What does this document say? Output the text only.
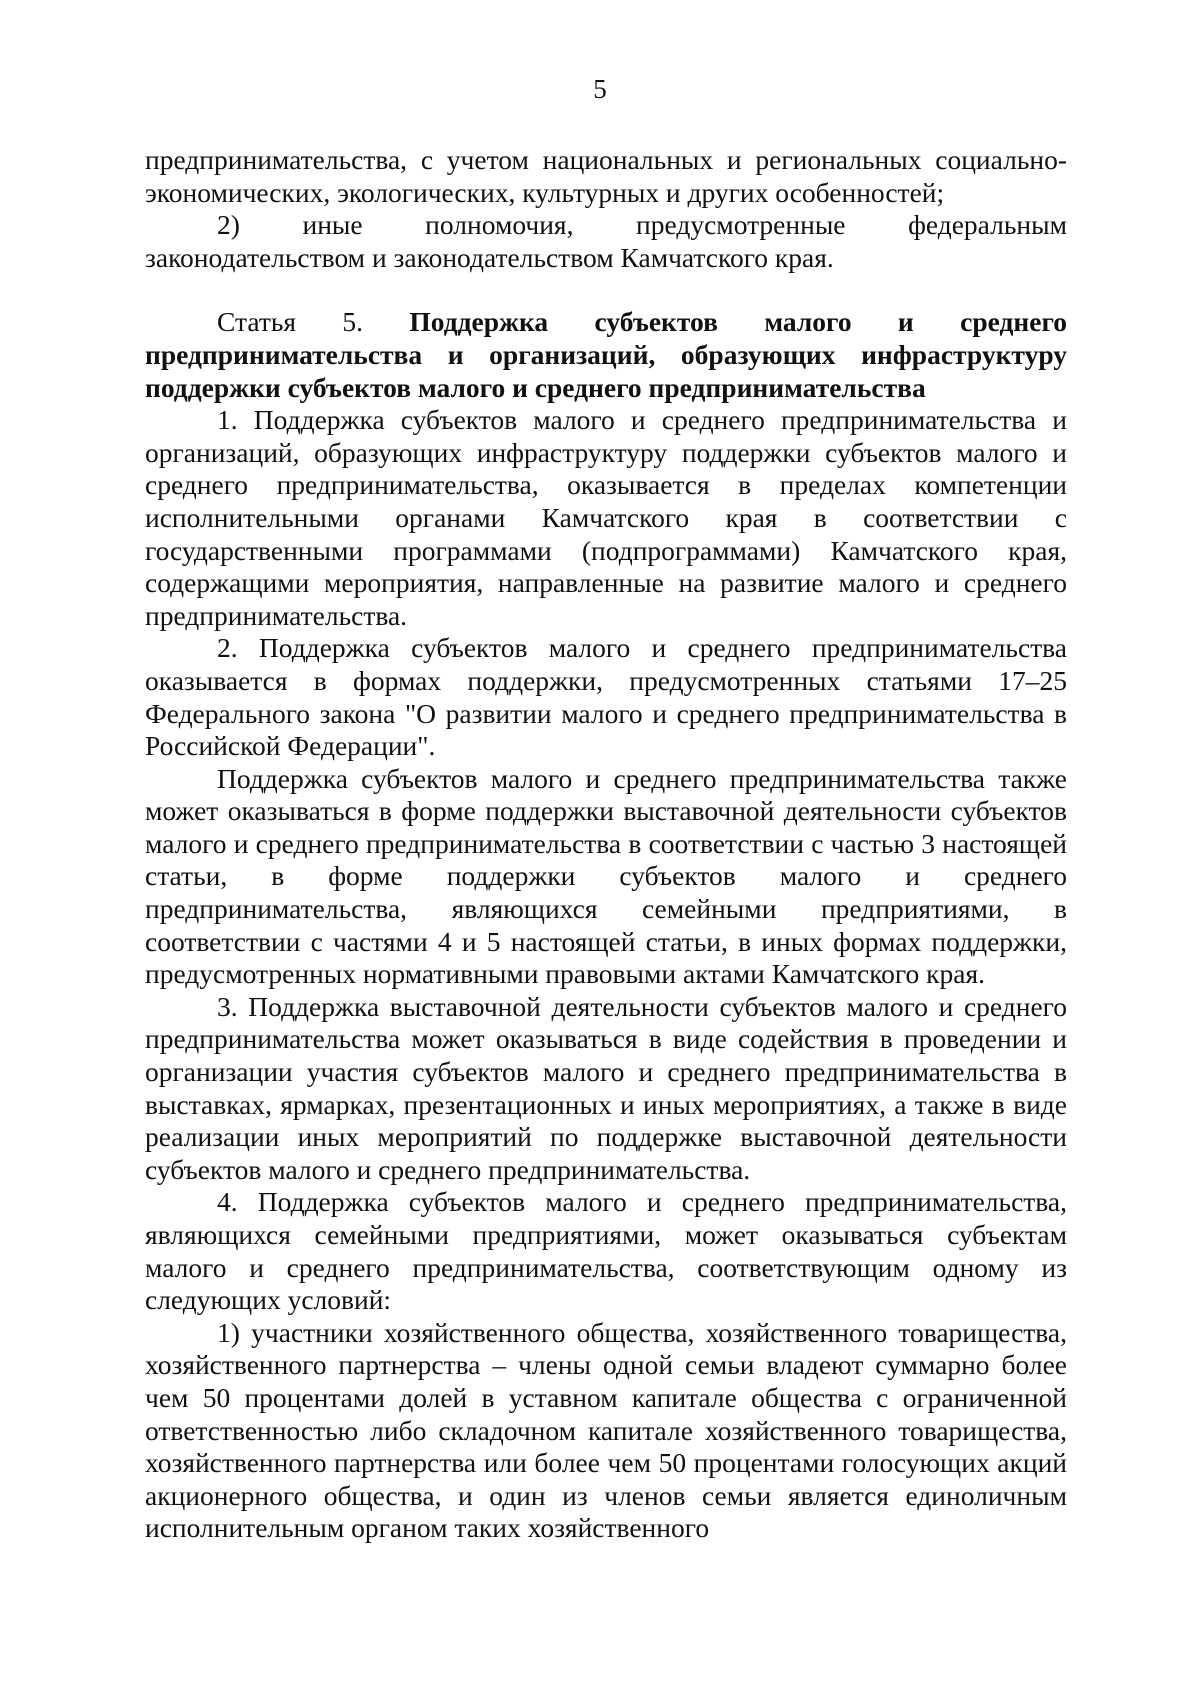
5

предпринимательства, с учетом национальных и региональных социально-экономических, экологических, культурных и других особенностей;

2) иные полномочия, предусмотренные федеральным законодательством и законодательством Камчатского края.

Статья 5. Поддержка субъектов малого и среднего предпринимательства и организаций, образующих инфраструктуру поддержки субъектов малого и среднего предпринимательства

1. Поддержка субъектов малого и среднего предпринимательства и организаций, образующих инфраструктуру поддержки субъектов малого и среднего предпринимательства, оказывается в пределах компетенции исполнительными органами Камчатского края в соответствии с государственными программами (подпрограммами) Камчатского края, содержащими мероприятия, направленные на развитие малого и среднего предпринимательства.

2. Поддержка субъектов малого и среднего предпринимательства оказывается в формах поддержки, предусмотренных статьями 17–25 Федерального закона "О развитии малого и среднего предпринимательства в Российской Федерации".

Поддержка субъектов малого и среднего предпринимательства также может оказываться в форме поддержки выставочной деятельности субъектов малого и среднего предпринимательства в соответствии с частью 3 настоящей статьи, в форме поддержки субъектов малого и среднего предпринимательства, являющихся семейными предприятиями, в соответствии с частями 4 и 5 настоящей статьи, в иных формах поддержки, предусмотренных нормативными правовыми актами Камчатского края.

3. Поддержка выставочной деятельности субъектов малого и среднего предпринимательства может оказываться в виде содействия в проведении и организации участия субъектов малого и среднего предпринимательства в выставках, ярмарках, презентационных и иных мероприятиях, а также в виде реализации иных мероприятий по поддержке выставочной деятельности субъектов малого и среднего предпринимательства.

4. Поддержка субъектов малого и среднего предпринимательства, являющихся семейными предприятиями, может оказываться субъектам малого и среднего предпринимательства, соответствующим одному из следующих условий:

1) участники хозяйственного общества, хозяйственного товарищества, хозяйственного партнерства – члены одной семьи владеют суммарно более чем 50 процентами долей в уставном капитале общества с ограниченной ответственностью либо складочном капитале хозяйственного товарищества, хозяйственного партнерства или более чем 50 процентами голосующих акций акционерного общества, и один из членов семьи является единоличным исполнительным органом таких хозяйственного
